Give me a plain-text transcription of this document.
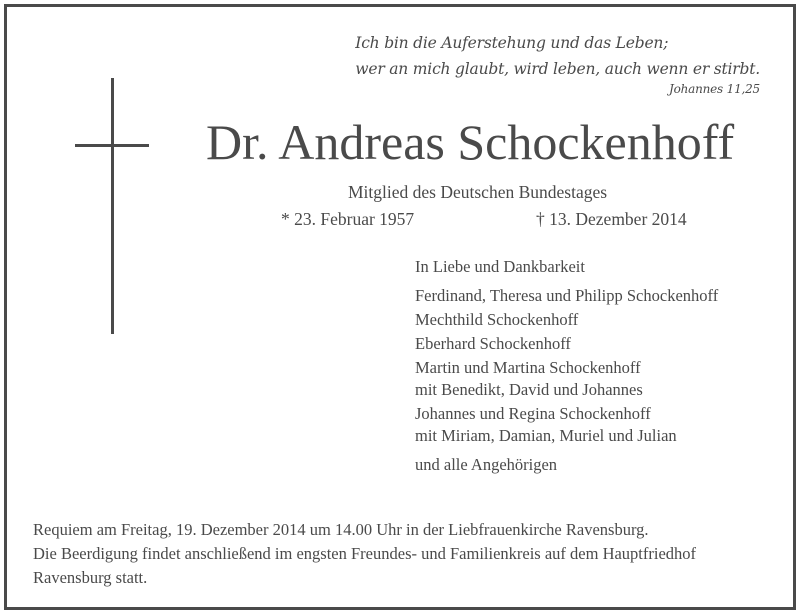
Ich bin die Auferstehung und das Leben;
wer an mich glaubt, wird leben, auch wenn er stirbt.
Johannes 11,25
Dr. Andreas Schockenhoff
Mitglied des Deutschen Bundestages
* 23. Februar 1957	† 13. Dezember 2014
In Liebe und Dankbarkeit
Ferdinand, Theresa und Philipp Schockenhoff
Mechthild Schockenhoff
Eberhard Schockenhoff
Martin und Martina Schockenhoff
mit Benedikt, David und Johannes
Johannes und Regina Schockenhoff
mit Miriam, Damian, Muriel und Julian
und alle Angehörigen
Requiem am Freitag, 19. Dezember 2014 um 14.00 Uhr in der Liebfrauenkirche Ravensburg.
Die Beerdigung findet anschließend im engsten Freundes- und Familienkreis auf dem Hauptfriedhof
Ravensburg statt.
